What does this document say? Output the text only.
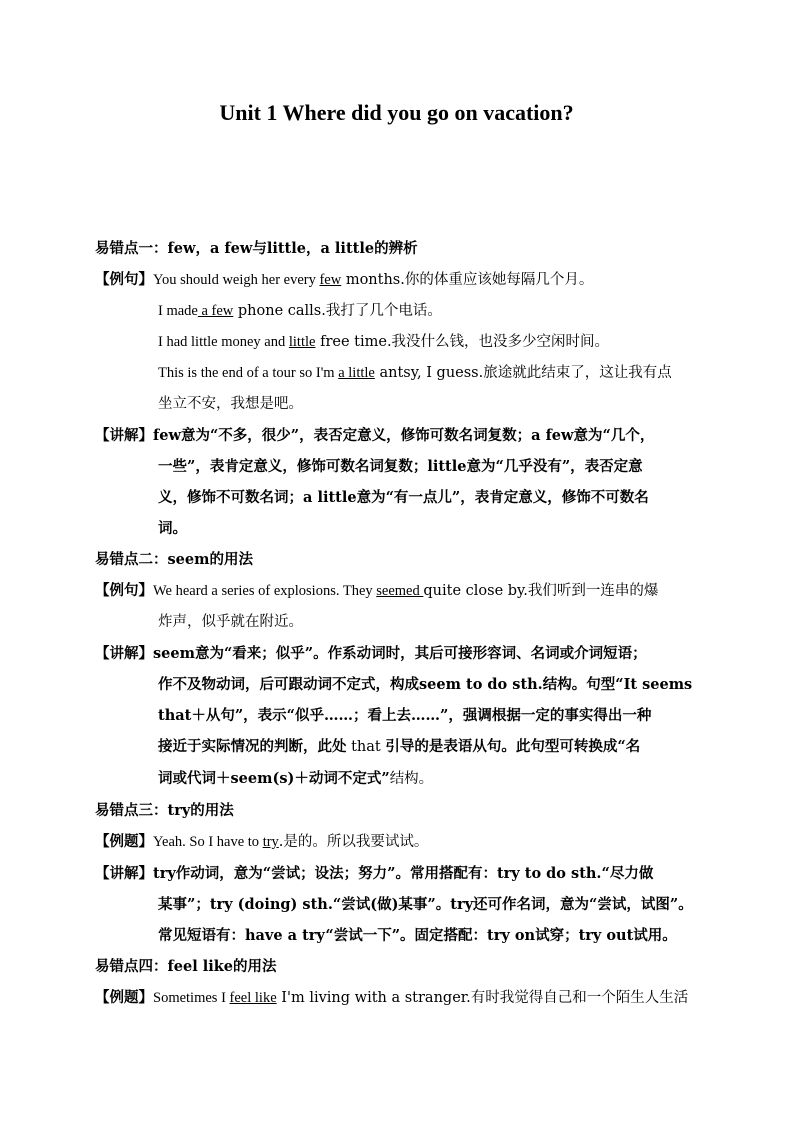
Unit 1 Where did you go on vacation?
易错点一：few，a few与little，a little的辨析
【例句】You should weigh her every few months.你的体重应该她每隔几个月。
I made a few phone calls.我打了几个电话。
I had little money and little free time.我没什么钱，也没多少空闲时间。
This is the end of a tour so I'm a little antsy, I guess.旅途就此结束了，这让我有点
坐立不安，我想是吧。
【讲解】few意为“不多，很少”，表否定意义，修饰可数名词复数；a few意为“几个，
一些”，表肯定意义，修饰可数名词复数；little意为“几乎没有”，表否定意
义，修饰不可数名词；a little意为“有一点儿”，表肯定意义，修饰不可数名
词。
易错点二：seem的用法
【例句】We heard a series of explosions. They seemed quite close by.我们听到一连串的爆
炸声，似乎就在附近。
【讲解】seem意为“看来；似乎”。作系动词时，其后可接形容词、名词或介词短语；
作不及物动词，后可跟动词不定式，构成seem to do sth.结构。句型“It seems
that＋从句”，表示“似乎……；看上去……”，强调根据一定的事实得出一种
接近于实际情况的判断，此处 that 引导的是表语从句。此句型可转换成“名
词或代词＋seem(s)＋动词不定式”结构。
易错点三：try的用法
【例题】Yeah. So I have to try.是的。所以我要试试。
【讲解】try作动词，意为“尝试；设法；努力”。常用搭配有：try to do sth.“尽力做
某事”；try (doing) sth.“尝试(做)某事”。try还可作名词，意为“尝试，试图”。
常见短语有：have a try“尝试一下”。固定搭配：try on试穿；try out试用。
易错点四：feel like的用法
【例题】Sometimes I feel like I'm living with a stranger.有时我觉得自己和一个陌生人生活
